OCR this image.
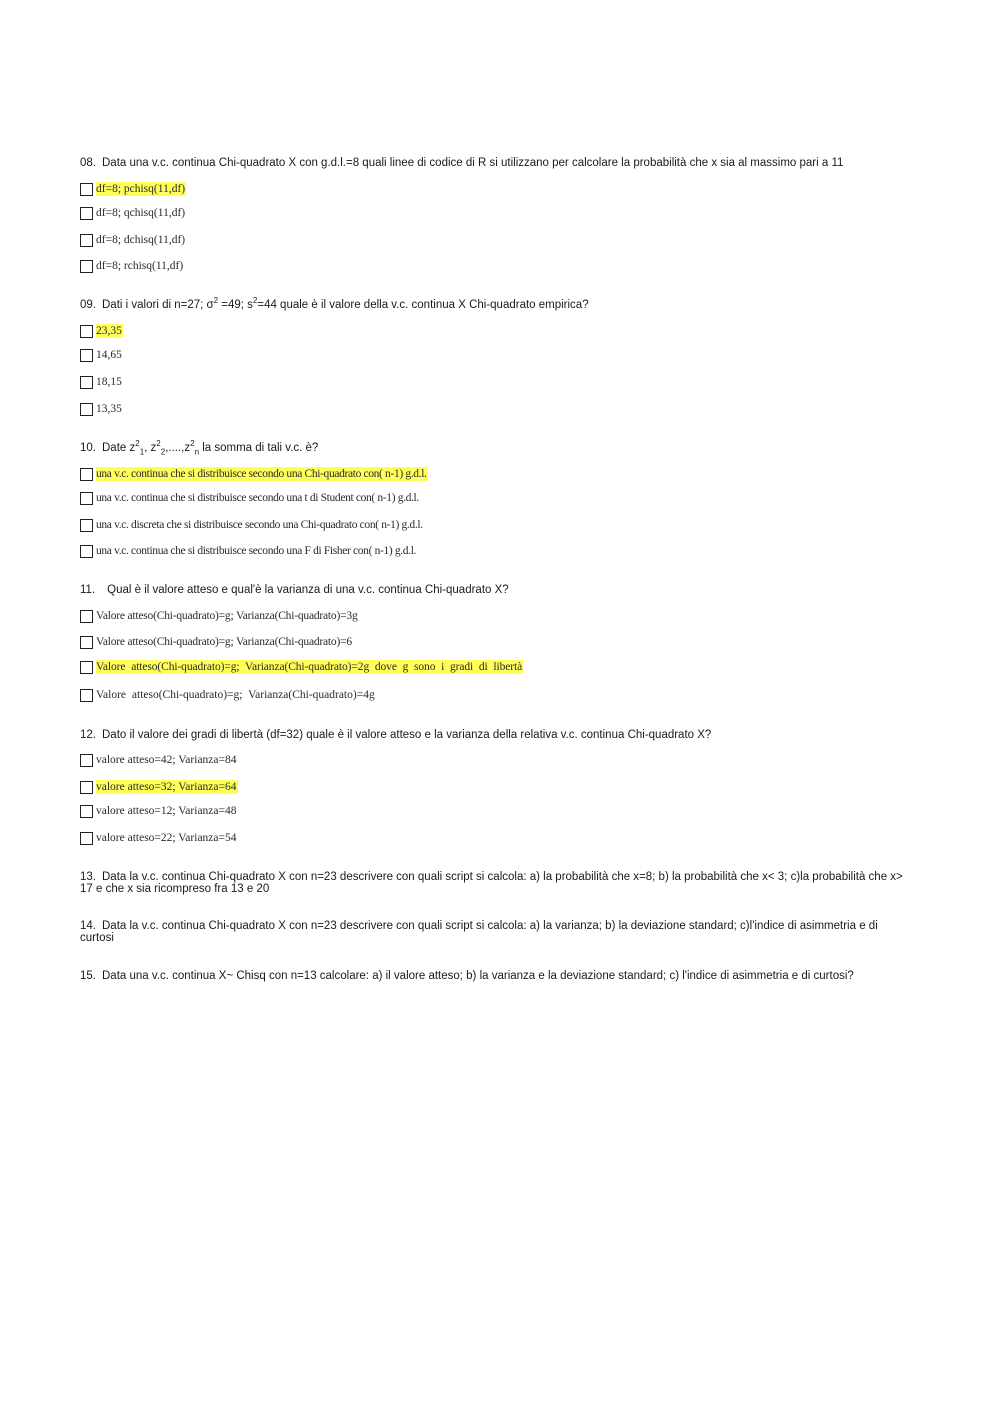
08. Data una v.c. continua Chi-quadrato X con g.d.l.=8 quali linee di codice di R si utilizzano per calcolare la probabilità che x sia al massimo pari a 11
df=8; pchisq(11,df)
df=8; qchisq(11,df)
df=8; dchisq(11,df)
df=8; rchisq(11,df)
09. Dati i valori di n=27; $\sigma^2 =49$; $s^2=44$ quale è il valore della v.c. continua X Chi-quadrato empirica?
23,35
14,65
18,15
13,35
10. Date $z^2_1$, $z^2_2,....,z^2_n$ la somma di tali v.c. è?
una v.c. continua che si distribuisce secondo una Chi-quadrato con( n-1) g.d.l.
una v.c. continua che si distribuisce secondo una t di Student con( n-1) g.d.l.
una v.c. discreta che si distribuisce secondo una Chi-quadrato con( n-1) g.d.l.
una v.c. continua che si distribuisce secondo una F di Fisher con( n-1) g.d.l.
11. Qual è il valore atteso e qual'è la varianza di una v.c. continua Chi-quadrato X?
Valore atteso(Chi-quadrato)=g; Varianza(Chi-quadrato)=3g
Valore atteso(Chi-quadrato)=g; Varianza(Chi-quadrato)=6
Valore atteso(Chi-quadrato)=g; Varianza(Chi-quadrato)=2g dove g sono i gradi di libertà
Valore atteso(Chi-quadrato)=g; Varianza(Chi-quadrato)=4g
12. Dato il valore dei gradi di libertà (df=32) quale è il valore atteso e la varianza della relativa v.c. continua Chi-quadrato X?
valore atteso=42; Varianza=84
valore atteso=32; Varianza=64
valore atteso=12; Varianza=48
valore atteso=22; Varianza=54
13. Data la v.c. continua Chi-quadrato X con n=23 descrivere con quali script si calcola: a) la probabilità che x=8; b) la probabilità che x< 3; c)la probabilità che x> 17 e che x sia ricompreso fra 13 e 20
14. Data la v.c. continua Chi-quadrato X con n=23 descrivere con quali script si calcola: a) la varianza; b) la deviazione standard; c)l'indice di asimmetria e di curtosi
15. Data una v.c. continua X~ Chisq con n=13 calcolare: a) il valore atteso; b) la varianza e la deviazione standard; c) l'indice di asimmetria e di curtosi?
